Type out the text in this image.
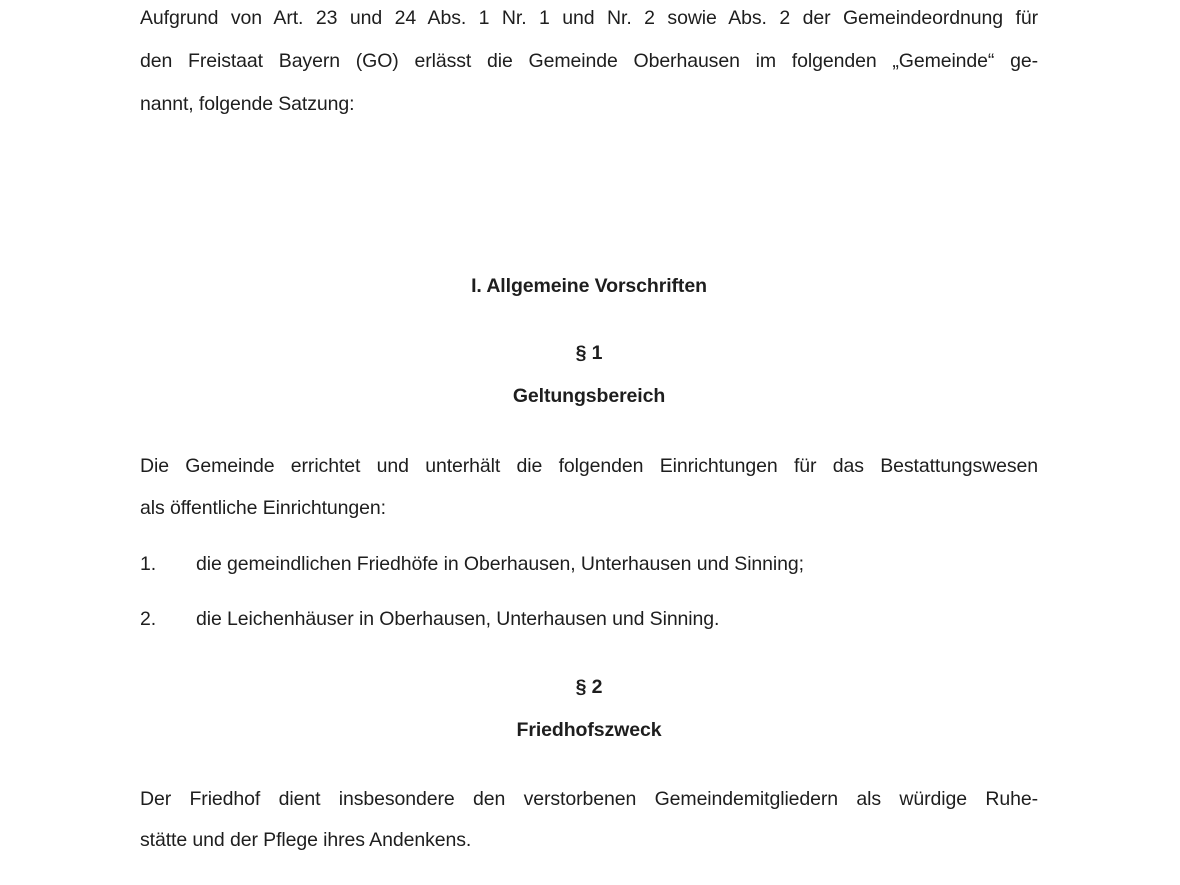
Aufgrund von Art. 23 und 24 Abs. 1 Nr. 1 und Nr. 2 sowie Abs. 2 der Gemeindeordnung für
den Freistaat Bayern (GO) erlässt die Gemeinde Oberhausen im folgenden „Gemeinde“ ge-
nannt, folgende Satzung:
I. Allgemeine Vorschriften
§ 1
Geltungsbereich
Die Gemeinde errichtet und unterhält die folgenden Einrichtungen für das Bestattungswesen
als öffentliche Einrichtungen:
1. die gemeindlichen Friedhöfe in Oberhausen, Unterhausen und Sinning;
2. die Leichenhäuser in Oberhausen, Unterhausen und Sinning.
§ 2
Friedhofszweck
Der Friedhof dient insbesondere den verstorbenen Gemeindemitgliedern als würdige Ruhe-
stätte und der Pflege ihres Andenkens.
